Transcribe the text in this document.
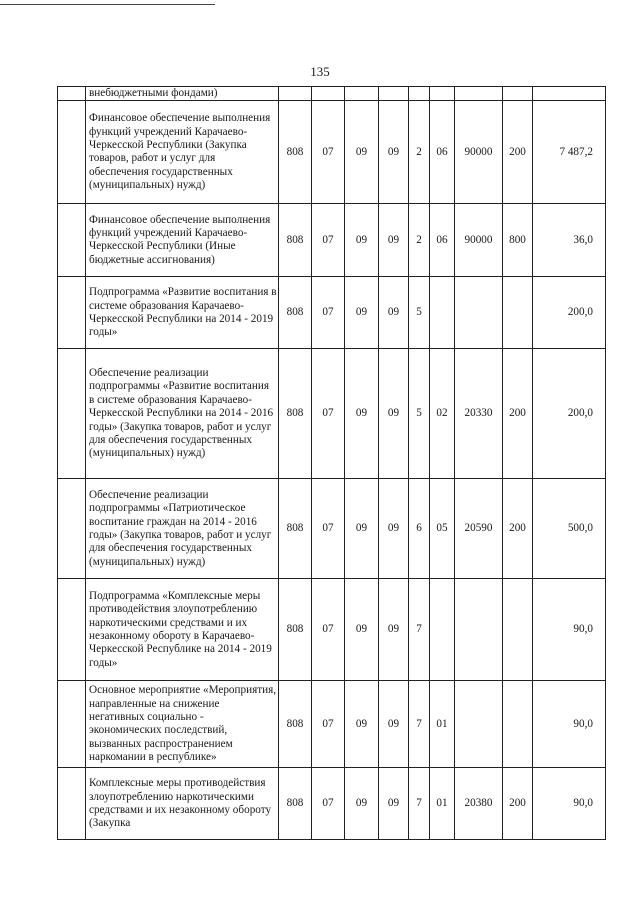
135

	внебюджетными фондами)									

	Финансовое обеспечение выполнения функций учреждений Карачаево-Черкесской Республики (Закупка товаров, работ и услуг для обеспечения государственных (муниципальных) нужд)	808	07	09	09	2	06	90000	200	7 487,2
	Финансовое обеспечение выполнения функций учреждений Карачаево-Черкесской Республики (Иные бюджетные ассигнования)	808	07	09	09	2	06	90000	800	36,0
	Подпрограмма «Развитие воспитания в системе образования Карачаево-Черкесской Республики на 2014 - 2019 годы»	808	07	09	09	5				200,0
	Обеспечение реализации подпрограммы «Развитие воспитания в системе образования Карачаево-Черкесской Республики на 2014 - 2016 годы» (Закупка товаров, работ и услуг для обеспечения государственных (муниципальных) нужд)	808	07	09	09	5	02	20330	200	200,0
	Обеспечение реализации подпрограммы «Патриотическое воспитание граждан на 2014 - 2016 годы» (Закупка товаров, работ и услуг для обеспечения государственных (муниципальных) нужд)	808	07	09	09	6	05	20590	200	500,0
	Подпрограмма «Комплексные меры противодействия злоупотреблению наркотическими средствами и их незаконному обороту в Карачаево-Черкесской Республике на 2014 - 2019 годы»	808	07	09	09	7				90,0
	Основное мероприятие «Мероприятия, направленные на снижение негативных социально - экономических последствий, вызванных распространением наркомании в республике»	808	07	09	09	7	01			90,0
	Комплексные меры противодействия злоупотреблению наркотическими средствами и их незаконному обороту (Закупка	808	07	09	09	7	01	20380	200	90,0
